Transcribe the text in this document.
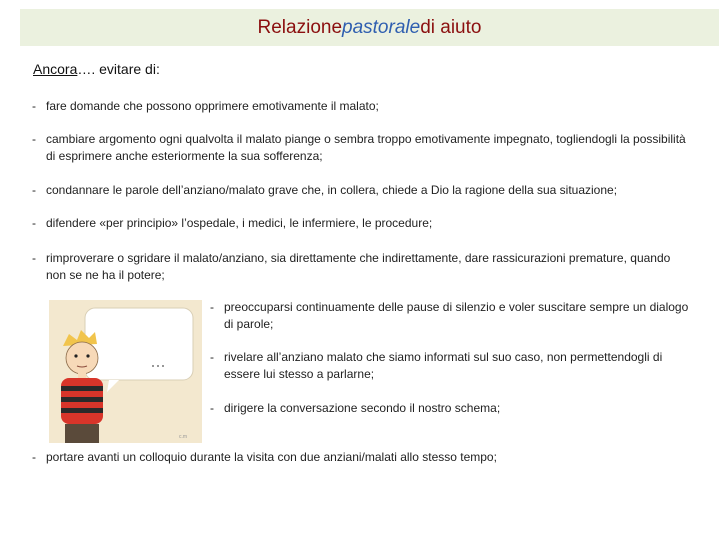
Relazione pastorale di aiuto
Ancora…. evitare di:
- fare domande che possono opprimere emotivamente il malato;
- cambiare argomento ogni qualvolta il malato piange o sembra troppo emotivamente impegnato, togliendogli la possibilità di esprimere anche esteriormente la sua sofferenza;
- condannare le parole dell’anziano/malato grave che, in collera, chiede a Dio la ragione della sua situazione;
- difendere «per principio» l’ospedale, i medici, le infermiere, le procedure;
- rimproverare o sgridare il malato/anziano, sia direttamente che indirettamente, dare rassicurazioni premature, quando non se ne ha il potere;
c.m
- preoccuparsi continuamente delle pause di silenzio e voler suscitare sempre un dialogo di parole;
- rivelare all’anziano malato che siamo informati sul suo caso, non permettendogli di essere lui stesso a parlarne;
- dirigere la conversazione secondo il nostro schema;
- portare avanti un colloquio durante la visita con due anziani/malati allo stesso tempo;
